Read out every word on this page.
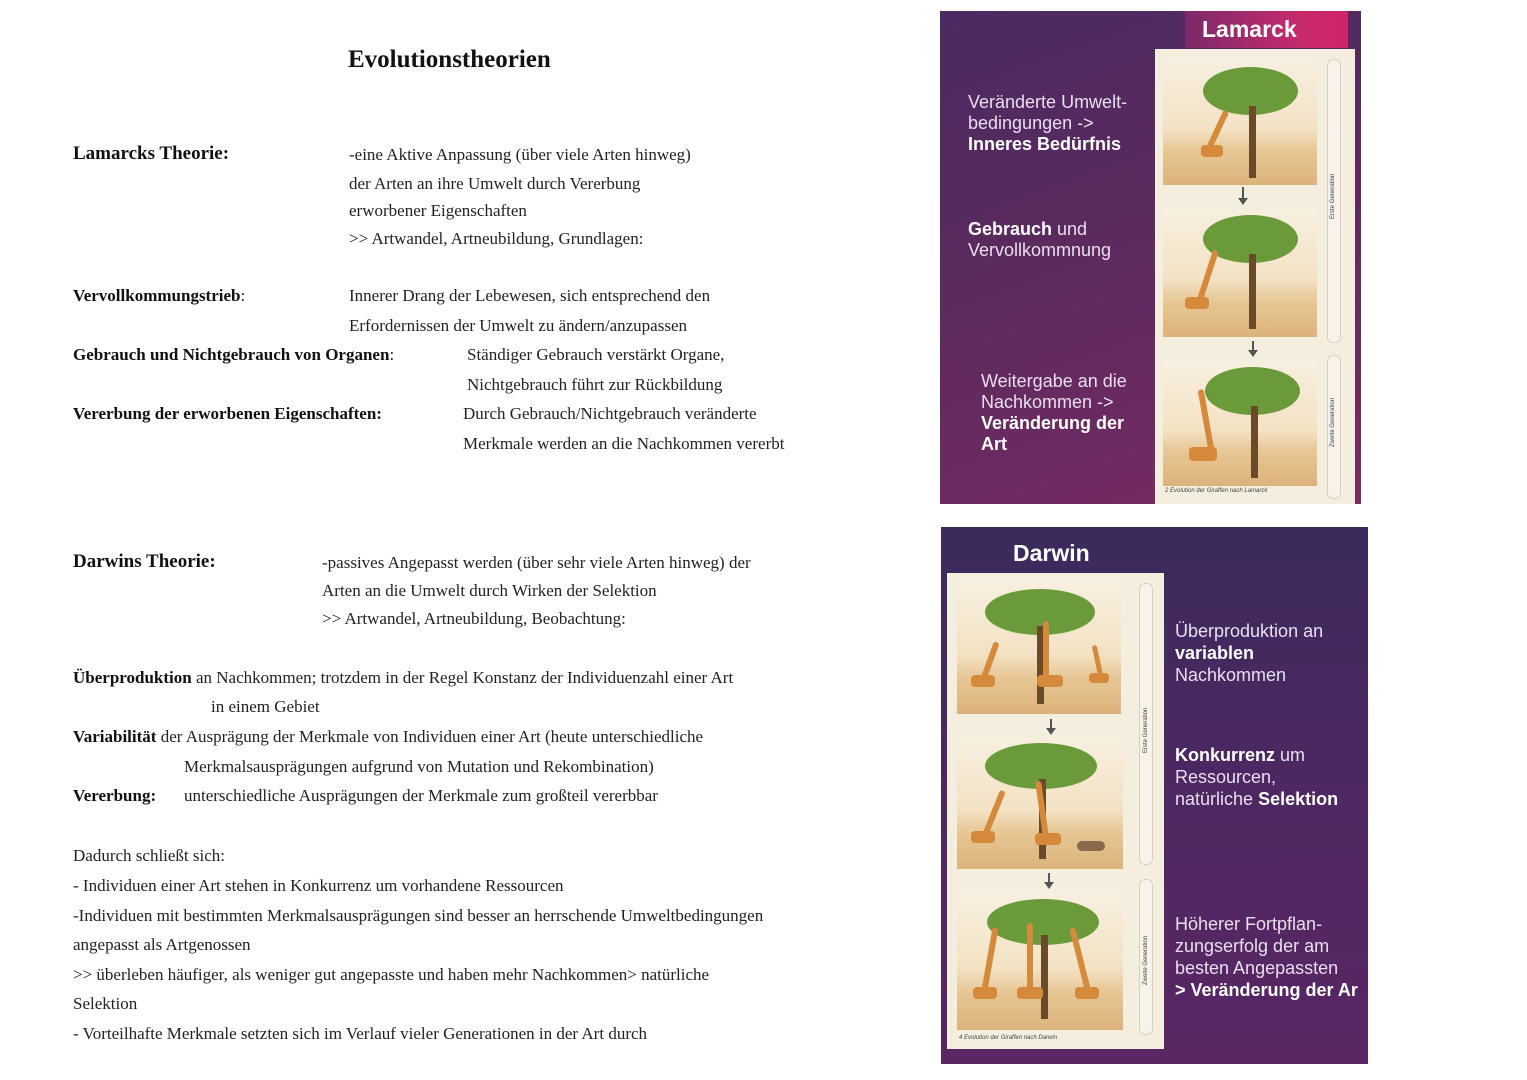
Evolutionstheorien
Lamarcks Theorie:	-eine Aktive Anpassung (über viele Arten hinweg)
der Arten an ihre Umwelt durch Vererbung
erworbener Eigenschaften
>> Artwandel, Artneubildung, Grundlagen:
Vervollkommungstrieb:	Innerer Drang der Lebewesen, sich entsprechend den
Erfordernissen der Umwelt zu ändern/anzupassen
Gebrauch und Nichtgebrauch von Organen:	Ständiger Gebrauch verstärkt Organe,
Nichtgebrauch führt zur Rückbildung
Vererbung der erworbenen Eigenschaften:	Durch Gebrauch/Nichtgebrauch veränderte
Merkmale werden an die Nachkommen vererbt
Darwins Theorie:	-passives Angepasst werden (über sehr viele Arten hinweg) der
Arten an die Umwelt durch Wirken der Selektion
>> Artwandel, Artneubildung, Beobachtung:
Überproduktion an Nachkommen; trotzdem in der Regel Konstanz der Individuenzahl einer Art
in einem Gebiet
Variabilität der Ausprägung der Merkmale von Individuen einer Art (heute unterschiedliche
Merkmalsausprägungen aufgrund von Mutation und Rekombination)
Vererbung: unterschiedliche Ausprägungen der Merkmale zum großteil vererbbar
Dadurch schließt sich:
- Individuen einer Art stehen in Konkurrenz um vorhandene Ressourcen
-Individuen mit bestimmten Merkmalsausprägungen sind besser an herrschende Umweltbedingungen
angepasst als Artgenossen
>> überleben häufiger, als weniger gut angepasste und haben mehr Nachkommen> natürliche
Selektion
- Vorteilhafte Merkmale setzten sich im Verlauf vieler Generationen in der Art durch
Lamarck
Veränderte Umwelt-
bedingungen ->
Inneres Bedürfnis
Gebrauch und
Vervollkommnung
Weitergabe an die
Nachkommen ->
Veränderung der
Art
Erste Generation
Zweite Generation
2 Evolution der Giraffen nach Lamarck
Darwin
Erste Generation
Zweite Generation
4 Evolution der Giraffen nach Darwin
Überproduktion an
variablen
Nachkommen
Konkurrenz um
Ressourcen,
natürliche Selektion
Höherer Fortpflan-
zungserfolg der am
besten Angepassten
> Veränderung der Ar
